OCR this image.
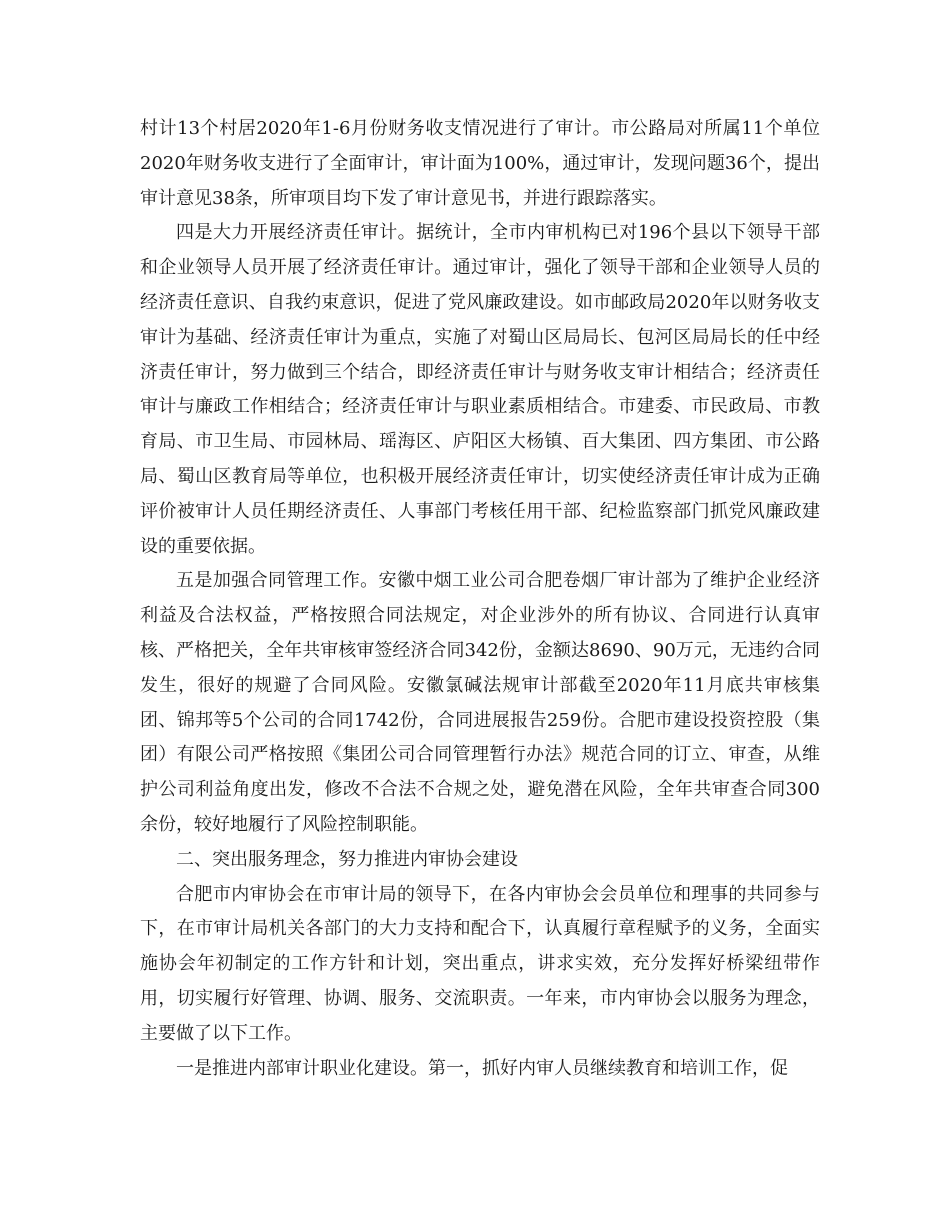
村计13个村居2020年1-6月份财务收支情况进行了审计。市公路局对所属11个单位2020年财务收支进行了全面审计，审计面为100%，通过审计，发现问题36个，提出审计意见38条，所审项目均下发了审计意见书，并进行跟踪落实。

四是大力开展经济责任审计。据统计，全市内审机构已对196个县以下领导干部和企业领导人员开展了经济责任审计。通过审计，强化了领导干部和企业领导人员的经济责任意识、自我约束意识，促进了党风廉政建设。如市邮政局2020年以财务收支审计为基础、经济责任审计为重点，实施了对蜀山区局局长、包河区局局长的任中经济责任审计，努力做到三个结合，即经济责任审计与财务收支审计相结合；经济责任审计与廉政工作相结合；经济责任审计与职业素质相结合。市建委、市民政局、市教育局、市卫生局、市园林局、瑶海区、庐阳区大杨镇、百大集团、四方集团、市公路局、蜀山区教育局等单位，也积极开展经济责任审计，切实使经济责任审计成为正确评价被审计人员任期经济责任、人事部门考核任用干部、纪检监察部门抓党风廉政建设的重要依据。

五是加强合同管理工作。安徽中烟工业公司合肥卷烟厂审计部为了维护企业经济利益及合法权益，严格按照合同法规定，对企业涉外的所有协议、合同进行认真审核、严格把关，全年共审核审签经济合同342份，金额达8690、90万元，无违约合同发生，很好的规避了合同风险。安徽氯碱法规审计部截至2020年11月底共审核集团、锦邦等5个公司的合同1742份，合同进展报告259份。合肥市建设投资控股（集团）有限公司严格按照《集团公司合同管理暂行办法》规范合同的订立、审查，从维护公司利益角度出发，修改不合法不合规之处，避免潜在风险，全年共审查合同300余份，较好地履行了风险控制职能。

二、突出服务理念，努力推进内审协会建设

合肥市内审协会在市审计局的领导下，在各内审协会会员单位和理事的共同参与下，在市审计局机关各部门的大力支持和配合下，认真履行章程赋予的义务，全面实施协会年初制定的工作方针和计划，突出重点，讲求实效，充分发挥好桥梁纽带作用，切实履行好管理、协调、服务、交流职责。一年来，市内审协会以服务为理念，主要做了以下工作。

一是推进内部审计职业化建设。第一，抓好内审人员继续教育和培训工作，促
